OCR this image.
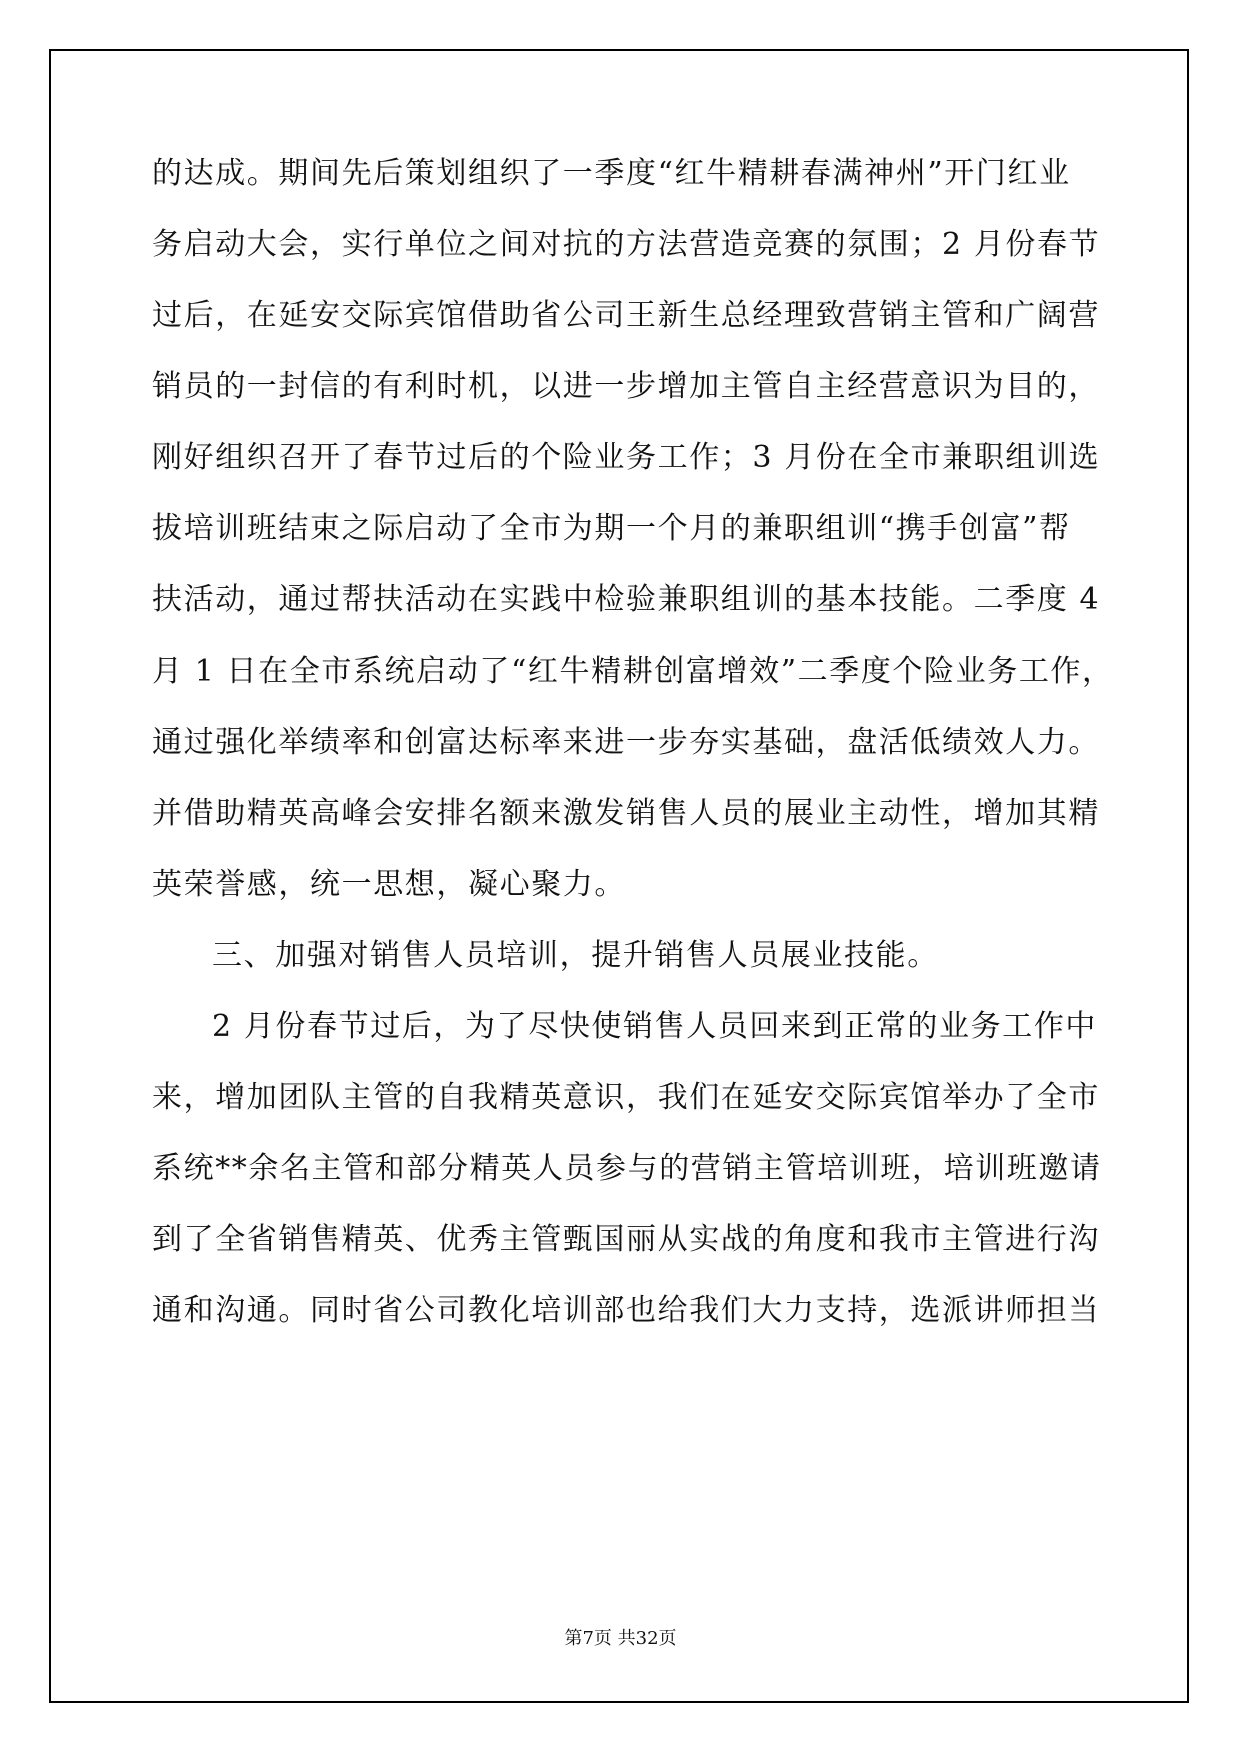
的达成。期间先后策划组织了一季度“红牛精耕春满神州”开门红业

务启动大会，实行单位之间对抗的方法营造竞赛的氛围；2 月份春节

过后，在延安交际宾馆借助省公司王新生总经理致营销主管和广阔营

销员的一封信的有利时机，以进一步增加主管自主经营意识为目的，

刚好组织召开了春节过后的个险业务工作；3 月份在全市兼职组训选

拔培训班结束之际启动了全市为期一个月的兼职组训“携手创富”帮

扶活动，通过帮扶活动在实践中检验兼职组训的基本技能。二季度 4

月 1 日在全市系统启动了“红牛精耕创富增效”二季度个险业务工作，

通过强化举绩率和创富达标率来进一步夯实基础，盘活低绩效人力。

并借助精英高峰会安排名额来激发销售人员的展业主动性，增加其精

英荣誉感，统一思想，凝心聚力。

三、加强对销售人员培训，提升销售人员展业技能。

2 月份春节过后，为了尽快使销售人员回来到正常的业务工作中

来，增加团队主管的自我精英意识，我们在延安交际宾馆举办了全市

系统**余名主管和部分精英人员参与的营销主管培训班，培训班邀请

到了全省销售精英、优秀主管甄国丽从实战的角度和我市主管进行沟

通和沟通。同时省公司教化培训部也给我们大力支持，选派讲师担当

第7页 共32页
